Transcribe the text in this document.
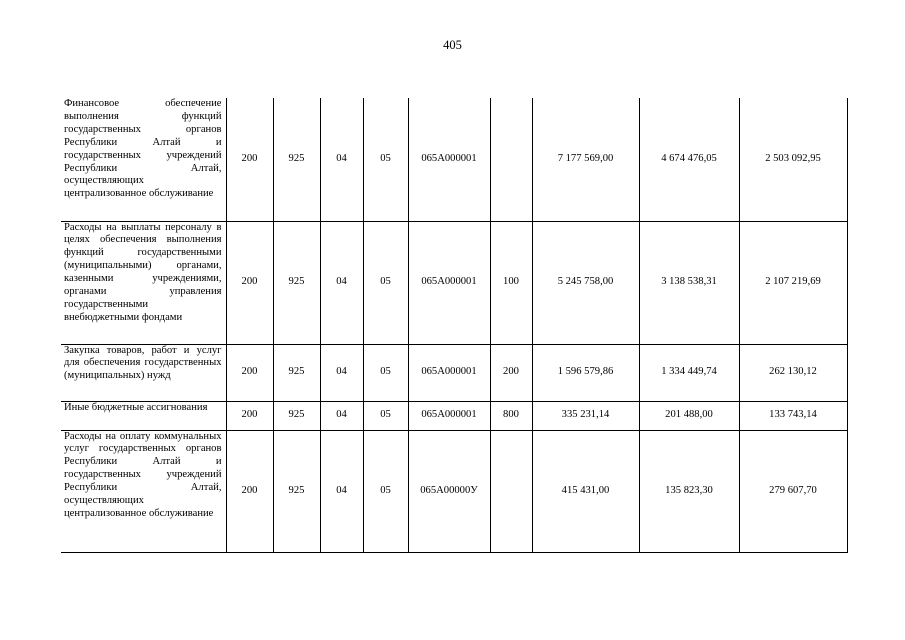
405
Финансовое обеспечение выполнения функций государственных органов Республики Алтай и государственных учреждений Республики Алтай, осуществляющих централизованное обслуживание	200	925	04	05	065А000001		7 177 569,00	4 674 476,05	2 503 092,95
Расходы на выплаты персоналу в целях обеспечения выполнения функций государственными (муниципальными) органами, казенными учреждениями, органами управления государственными внебюджетными фондами	200	925	04	05	065А000001	100	5 245 758,00	3 138 538,31	2 107 219,69
Закупка товаров, работ и услуг для обеспечения государственных (муниципальных) нужд	200	925	04	05	065А000001	200	1 596 579,86	1 334 449,74	262 130,12
Иные бюджетные ассигнования	200	925	04	05	065А000001	800	335 231,14	201 488,00	133 743,14
Расходы на оплату коммунальных услуг государственных органов Республики Алтай и государственных учреждений Республики Алтай, осуществляющих централизованное обслуживание	200	925	04	05	065А00000У		415 431,00	135 823,30	279 607,70
